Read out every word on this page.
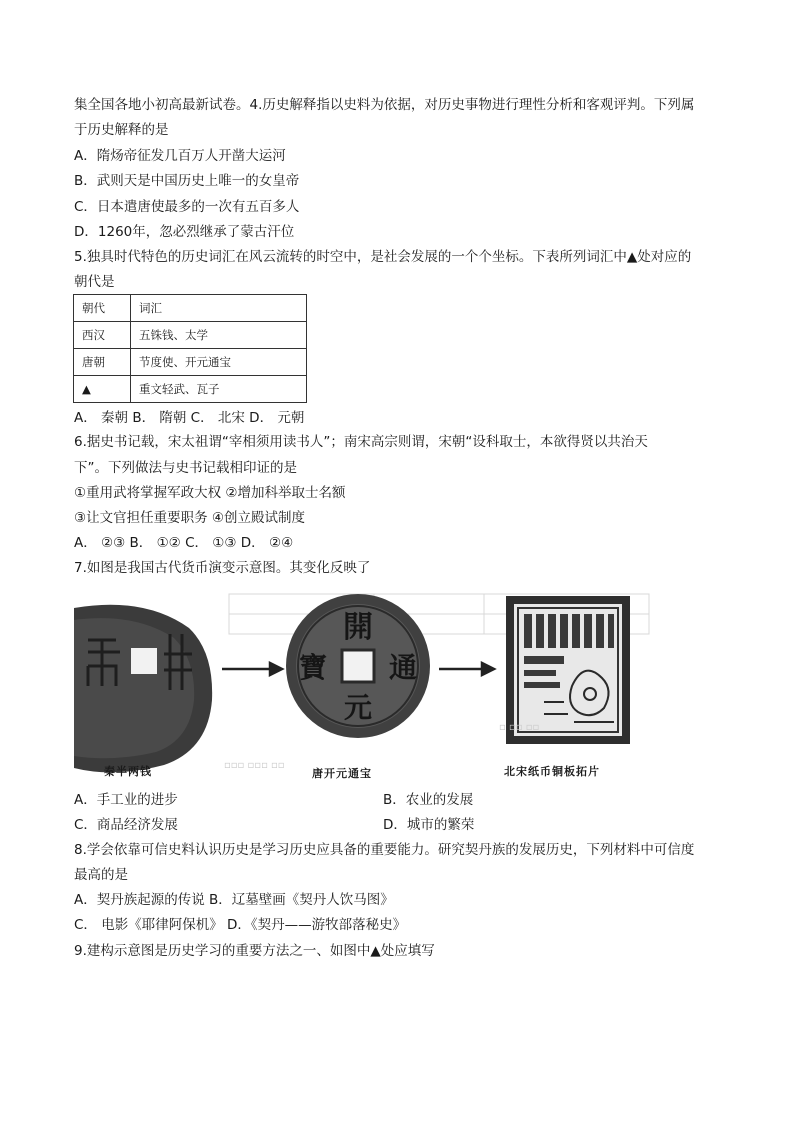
集全国各地小初高最新试卷。4.历史解释指以史料为依据，对历史事物进行理性分析和客观评判。下列属
于历史解释的是
A．隋炀帝征发几百万人开凿大运河
B．武则天是中国历史上唯一的女皇帝
C．日本遣唐使最多的一次有五百多人
D．1260年，忽必烈继承了蒙古汗位
5.独具时代特色的历史词汇在风云流转的时空中，是社会发展的一个个坐标。下表所列词汇中▲处对应的
朝代是
朝代	词汇
西汉	五铢钱、太学
唐朝	节度使、开元通宝
▲	重文轻武、瓦子
A． 秦朝 B． 隋朝 C． 北宋 D． 元朝
6.据史书记载，宋太祖谓“宰相须用读书人”；南宋高宗则谓，宋朝“设科取士，本欲得贤以共治天
下”。下列做法与史书记载相印证的是
①重用武将掌握军政大权 ②增加科举取士名额
③让文官担任重要职务 ④创立殿试制度
A． ②③ B． ①② C． ①③ D． ②④
7.如图是我国古代货币演变示意图。其变化反映了
開
元
通
寶
▫ ▫▫ ▫▫
▫▫▫ ▫▫▫ ▫▫
秦半两钱	唐开元通宝	北宋纸币铜板拓片
A．手工业的进步	B．农业的发展
C．商品经济发展	D．城市的繁荣
8.学会依靠可信史料认识历史是学习历史应具备的重要能力。研究契丹族的发展历史，下列材料中可信度
最高的是
A．契丹族起源的传说 B．辽墓壁画《契丹人饮马图》
C． 电影《耶律阿保机》 D．《契丹——游牧部落秘史》
9.建构示意图是历史学习的重要方法之一、如图中▲处应填写
